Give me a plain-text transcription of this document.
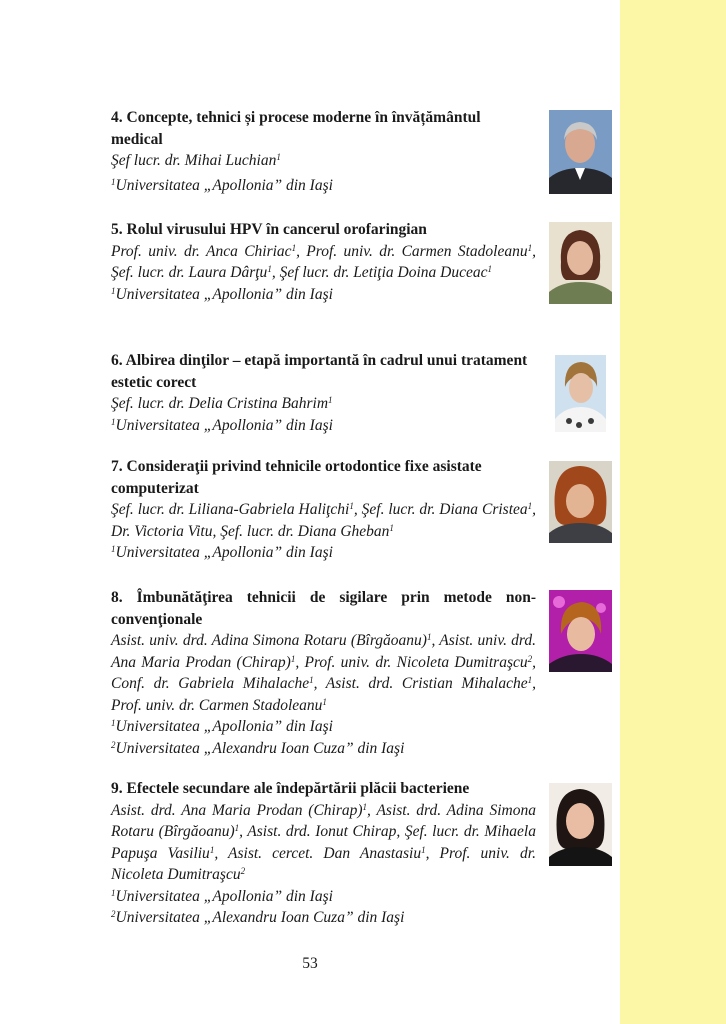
4. Concepte, tehnici și procese moderne în învățământul medical

Şef lucr. dr. Mihai Luchian$^1$

$^1$Universitatea „Apollonia” din Iaşi

5. Rolul virusului HPV în cancerul orofaringian

Prof. univ. dr. Anca Chiriac$^1$, Prof. univ. dr. Carmen Stadoleanu$^1$, Şef. lucr. dr. Laura Dârţu$^1$, Şef lucr. dr. Letiţia Doina Duceac$^1$

$^1$Universitatea „Apollonia” din Iaşi

6. Albirea dinţilor – etapă importantă în cadrul unui tratament estetic corect

Şef. lucr. dr. Delia Cristina Bahrim$^1$

$^1$Universitatea „Apollonia” din Iaşi

7. Consideraţii privind tehnicile ortodontice fixe asistate computerizat

Şef. lucr. dr. Liliana-Gabriela Haliţchi$^1$, Şef. lucr. dr. Diana Cristea$^1$, Dr. Victoria Vitu, Şef. lucr. dr. Diana Gheban$^1$

$^1$Universitatea „Apollonia” din Iaşi

8. Îmbunătăţirea tehnicii de sigilare prin metode non-convenţionale

Asist. univ. drd. Adina Simona Rotaru (Bîrgăoanu)$^1$, Asist. univ. drd. Ana Maria Prodan (Chirap)$^1$, Prof. univ. dr. Nicoleta Dumitraşcu$^2$, Conf. dr. Gabriela Mihalache$^1$, Asist. drd. Cristian Mihalache$^1$, Prof. univ. dr. Carmen Stadoleanu$^1$

$^1$Universitatea „Apollonia” din Iaşi

$^2$Universitatea „Alexandru Ioan Cuza” din Iaşi

9. Efectele secundare ale îndepărtării plăcii bacteriene

Asist. drd. Ana Maria Prodan (Chirap)$^1$, Asist. drd. Adina Simona Rotaru (Bîrgăoanu)$^1$, Asist. drd. Ionut Chirap, Şef. lucr. dr. Mihaela Papuşa Vasiliu$^1$, Asist. cercet. Dan Anastasiu$^1$, Prof. univ. dr. Nicoleta Dumitraşcu$^2$

$^1$Universitatea „Apollonia” din Iaşi

$^2$Universitatea „Alexandru Ioan Cuza” din Iaşi

53
